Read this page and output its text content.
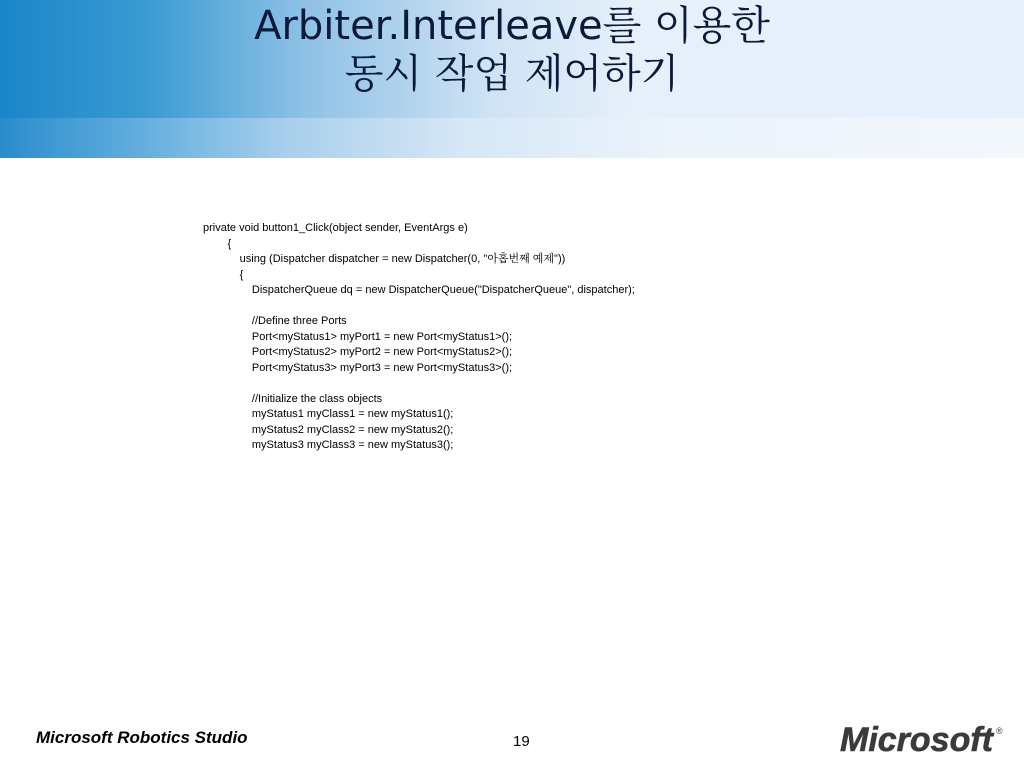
Arbiter.Interleave를 이용한
동시 작업 제어하기
private void button1_Click(object sender, EventArgs e)
{
using (Dispatcher dispatcher = new Dispatcher(0, "아홉번째 예제"))
{
DispatcherQueue dq = new DispatcherQueue("DispatcherQueue", dispatcher);
//Define three Ports
Port<myStatus1> myPort1 = new Port<myStatus1>();
Port<myStatus2> myPort2 = new Port<myStatus2>();
Port<myStatus3> myPort3 = new Port<myStatus3>();
//Initialize the class objects
myStatus1 myClass1 = new myStatus1();
myStatus2 myClass2 = new myStatus2();
myStatus3 myClass3 = new myStatus3();
Microsoft Robotics Studio	19	Microsoft ®
